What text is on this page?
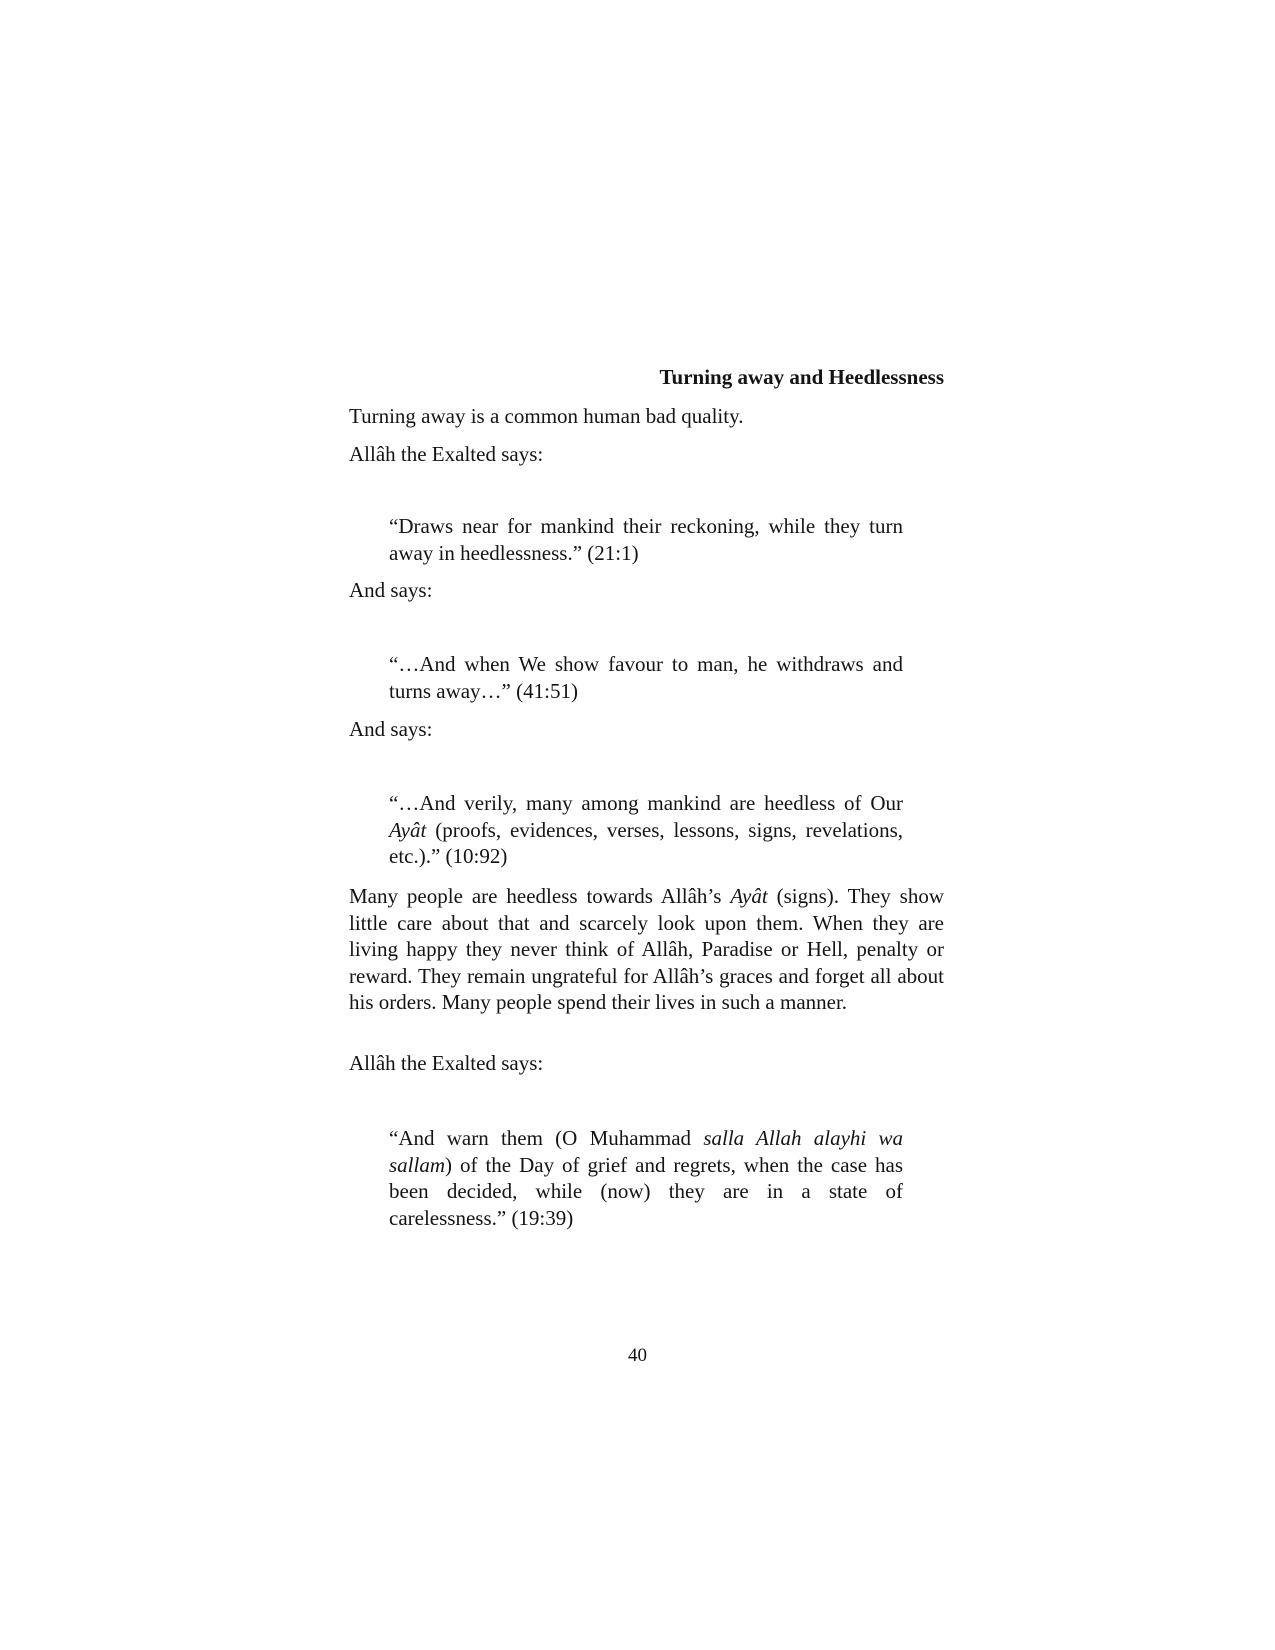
Turning away and Heedlessness

Turning away is a common human bad quality.

Allâh the Exalted says:

“Draws near for mankind their reckoning, while they turn away in heedlessness.” (21:1)

And says:

“…And when We show favour to man, he withdraws and turns away…” (41:51)

And says:

“…And verily, many among mankind are heedless of Our Ayât (proofs, evidences, verses, lessons, signs, revelations, etc.).” (10:92)

Many people are heedless towards Allâh’s Ayât (signs). They show little care about that and scarcely look upon them. When they are living happy they never think of Allâh, Paradise or Hell, penalty or reward. They remain ungrateful for Allâh’s graces and forget all about his orders. Many people spend their lives in such a manner.

Allâh the Exalted says:

“And warn them (O Muhammad salla Allah alayhi wa sallam) of the Day of grief and regrets, when the case has been decided, while (now) they are in a state of carelessness.” (19:39)

40
